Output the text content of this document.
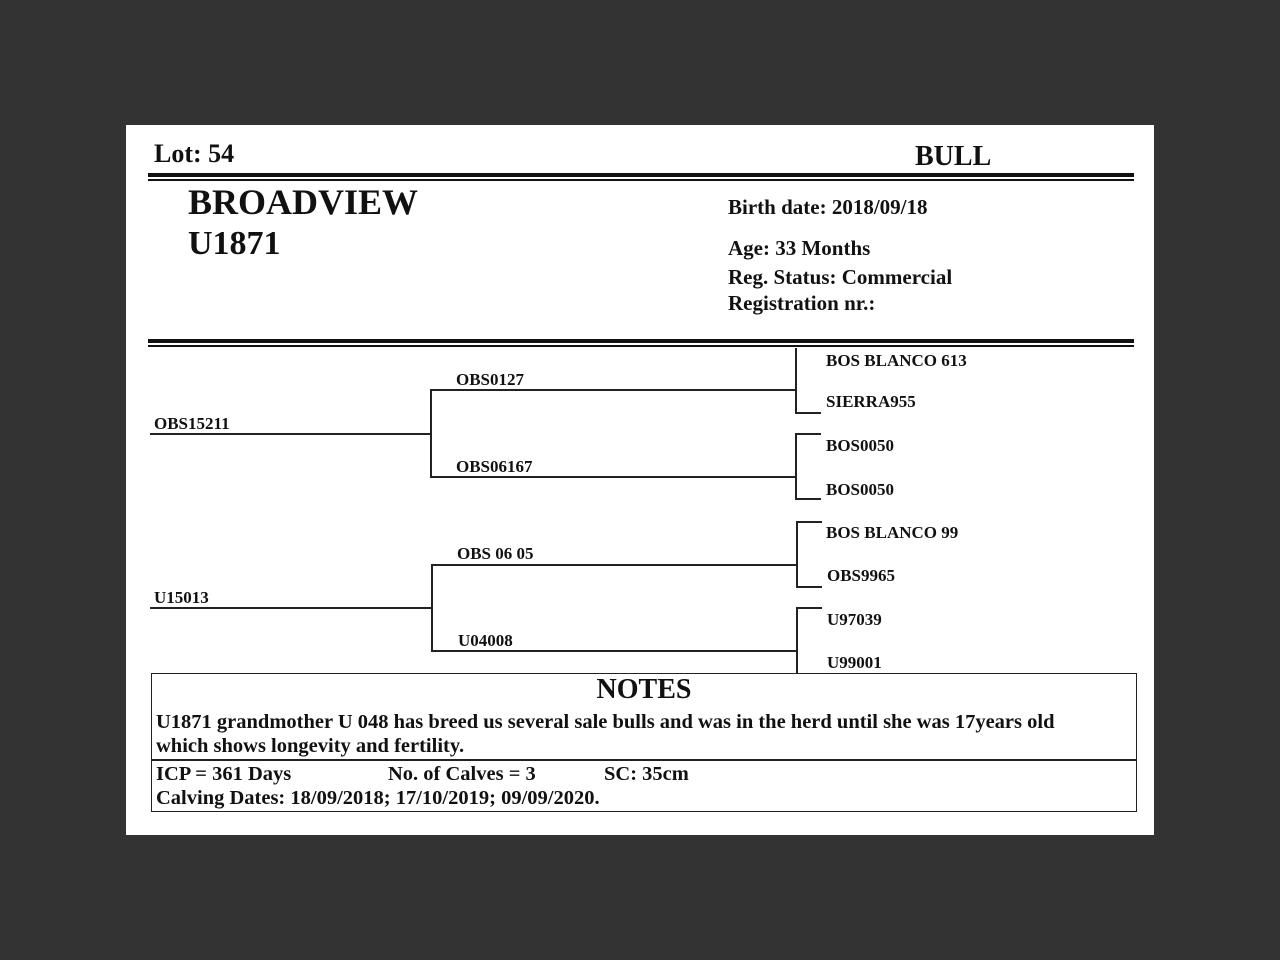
Lot: 54	BULL
BROADVIEW
U1871
Birth date: 2018/09/18
Age: 33 Months
Reg. Status: Commercial
Registration nr.:
OBS15211
U15013
OBS0127
OBS06167
OBS 06 05
U04008
BOS BLANCO 613
SIERRA955
BOS0050
BOS0050
BOS BLANCO 99
OBS9965
U97039
U99001
NOTES
U1871 grandmother U 048 has breed us several sale bulls and was in the herd until she was 17years old
which shows longevity and fertility.
ICP = 361 Days	No. of Calves = 3	SC: 35cm
Calving Dates: 18/09/2018; 17/10/2019; 09/09/2020.
